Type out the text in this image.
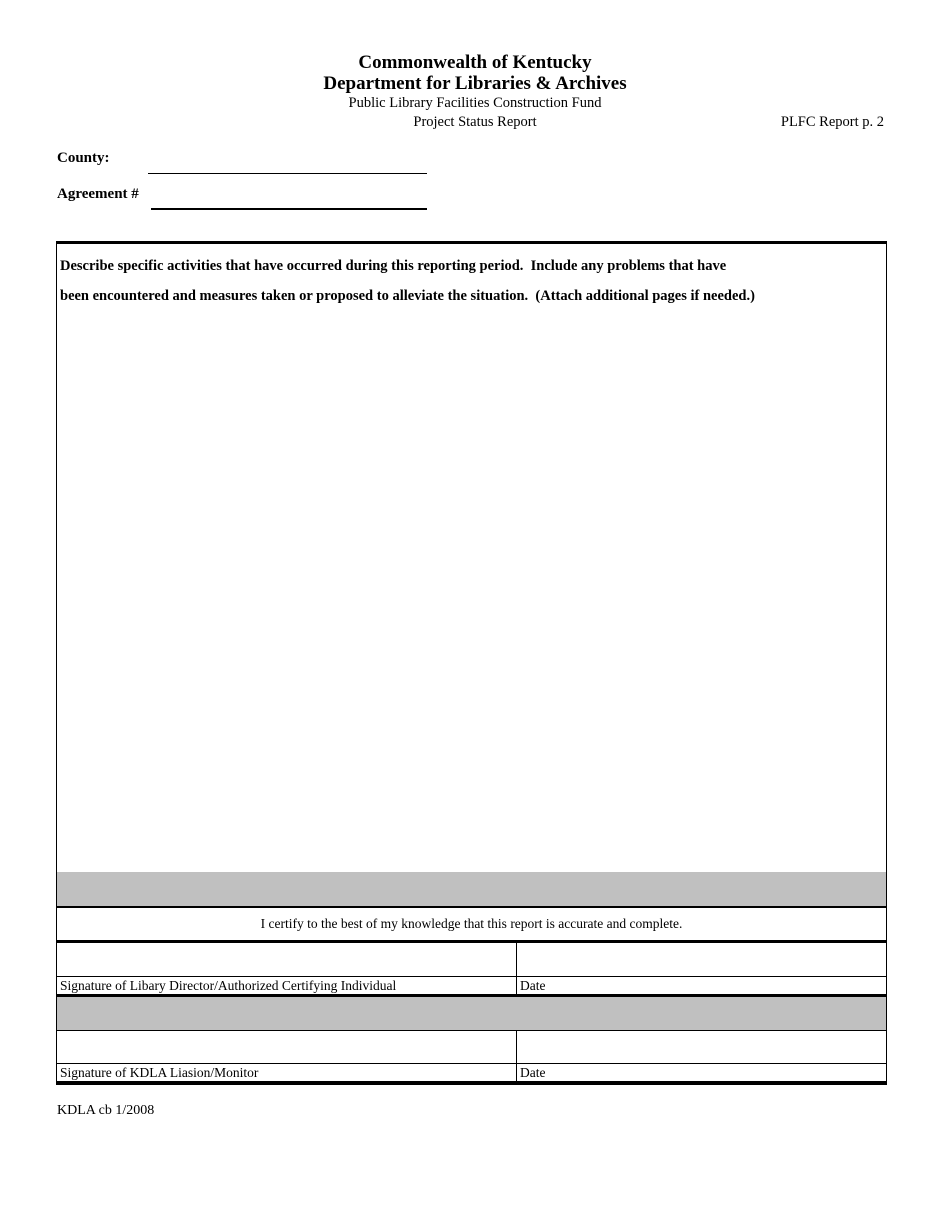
Commonwealth of Kentucky
Department for Libraries & Archives
Public Library Facilities Construction Fund
Project Status Report	PLFC Report p. 2
County:
Agreement #

Describe specific activities that have occurred during this reporting period.  Include any problems that have

been encountered and measures taken or proposed to alleviate the situation.  (Attach additional pages if needed.)

I certify to the best of my knowledge that this report is accurate and complete.
Signature of Libary Director/Authorized Certifying Individual	Date
Signature of KDLA Liasion/Monitor	Date
KDLA cb 1/2008
